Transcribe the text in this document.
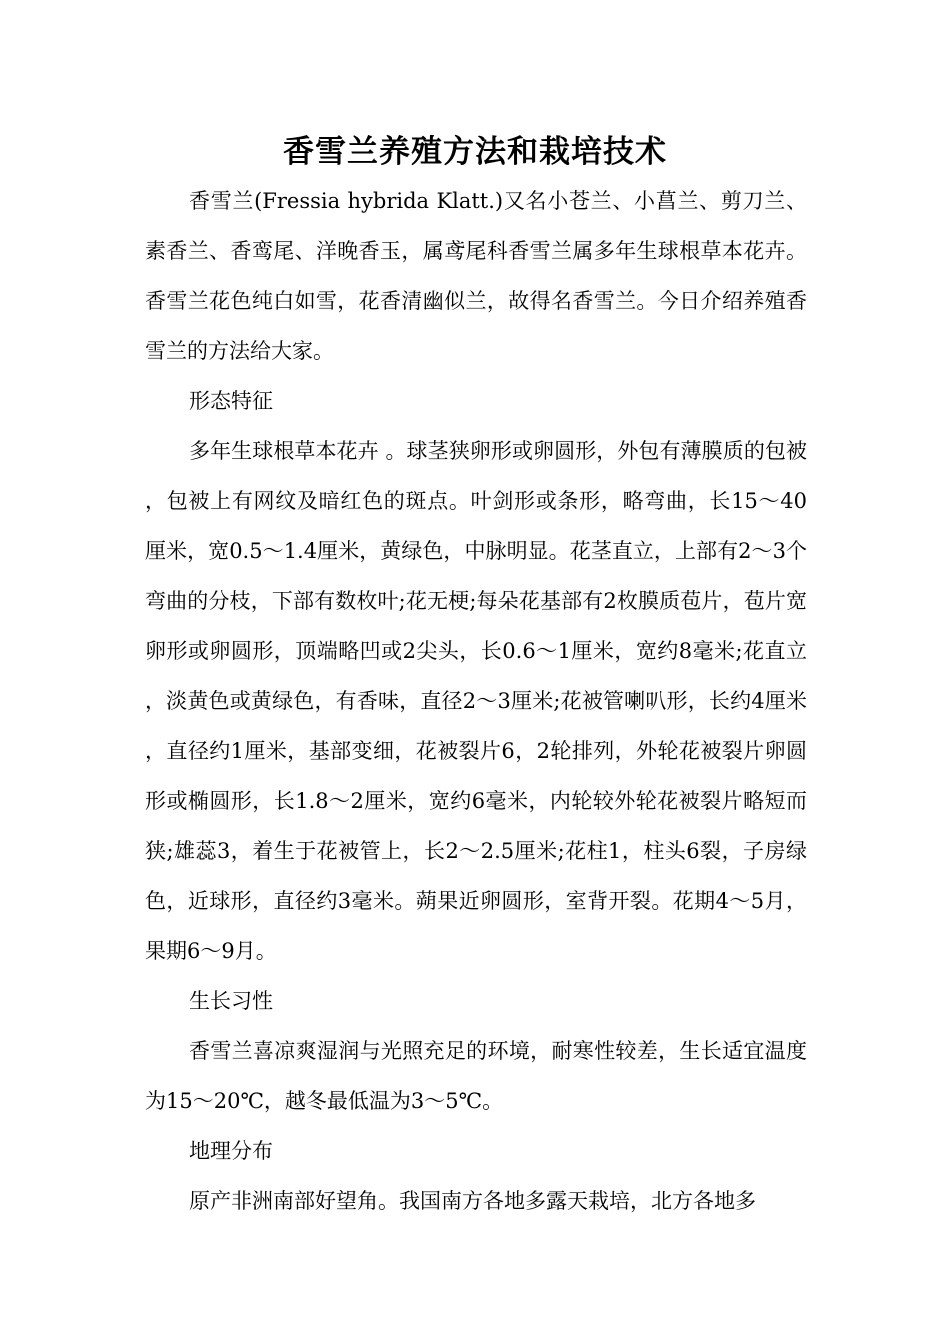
香雪兰养殖方法和栽培技术

香雪兰(Fressia hybrida Klatt.)又名小苍兰、小菖兰、剪刀兰、素香兰、香鸾尾、洋晚香玉，属鸢尾科香雪兰属多年生球根草本花卉。香雪兰花色纯白如雪，花香清幽似兰，故得名香雪兰。今日介绍养殖香雪兰的方法给大家。

形态特征

多年生球根草本花卉 。球茎狭卵形或卵圆形，外包有薄膜质的包被，包被上有网纹及暗红色的斑点。叶剑形或条形，略弯曲，长15～40厘米，宽0.5～1.4厘米，黄绿色，中脉明显。花茎直立，上部有2～3个弯曲的分枝，下部有数枚叶;花无梗;每朵花基部有2枚膜质苞片，苞片宽卵形或卵圆形，顶端略凹或2尖头，长0.6～1厘米，宽约8毫米;花直立，淡黄色或黄绿色，有香味，直径2～3厘米;花被管喇叭形，长约4厘米，直径约1厘米，基部变细，花被裂片6，2轮排列，外轮花被裂片卵圆形或椭圆形，长1.8～2厘米，宽约6毫米，内轮较外轮花被裂片略短而狭;雄蕊3，着生于花被管上，长2～2.5厘米;花柱1，柱头6裂，子房绿色，近球形，直径约3毫米。蒴果近卵圆形，室背开裂。花期4～5月，果期6～9月。

生长习性

香雪兰喜凉爽湿润与光照充足的环境，耐寒性较差，生长适宜温度为15～20℃，越冬最低温为3～5℃。

地理分布

原产非洲南部好望角。我国南方各地多露天栽培，北方各地多
